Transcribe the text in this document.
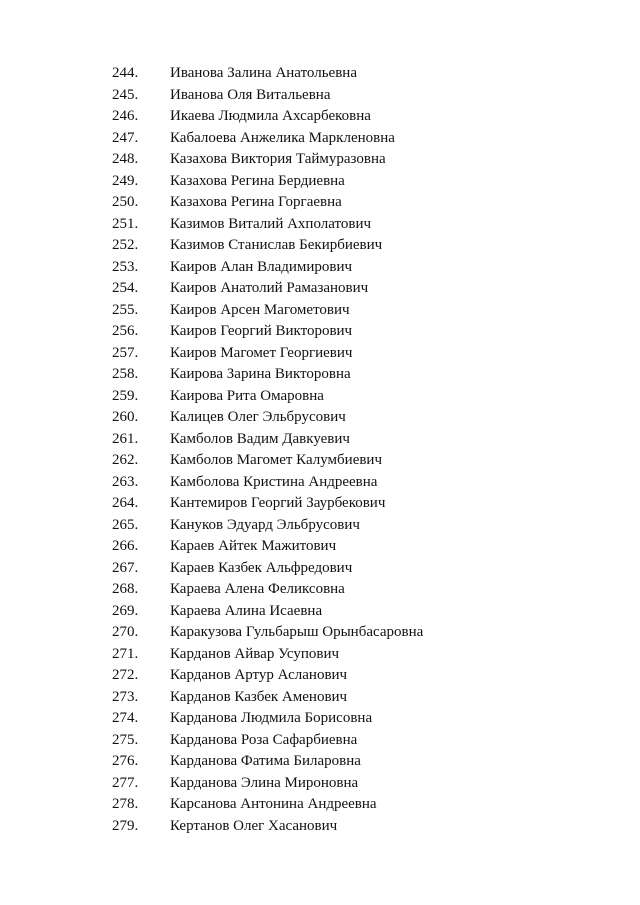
244. Иванова Залина Анатольевна
245. Иванова Оля Витальевна
246. Икаева Людмила Ахсарбековна
247. Кабалоева Анжелика Маркленовна
248. Казахова Виктория Таймуразовна
249. Казахова Регина Бердиевна
250. Казахова Регина Горгаевна
251. Казимов Виталий Ахполатович
252. Казимов Станислав Бекирбиевич
253. Каиров Алан Владимирович
254. Каиров Анатолий Рамазанович
255. Каиров Арсен Магометович
256. Каиров Георгий Викторович
257. Каиров Магомет Георгиевич
258. Каирова Зарина Викторовна
259. Каирова Рита Омаровна
260. Калицев Олег Эльбрусович
261. Камболов Вадим Давкуевич
262. Камболов Магомет Калумбиевич
263. Камболова Кристина Андреевна
264. Кантемиров Георгий Заурбекович
265. Кануков Эдуард Эльбрусович
266. Караев Айтек Мажитович
267. Караев Казбек Альфредович
268. Караева Алена Феликсовна
269. Караева Алина Исаевна
270. Каракузова Гульбарыш Орынбасаровна
271. Карданов Айвар Усупович
272. Карданов Артур Асланович
273. Карданов Казбек Аменович
274. Карданова Людмила Борисовна
275. Карданова Роза Сафарбиевна
276. Карданова Фатима Биларовна
277. Карданова Элина Мироновна
278. Карсанова Антонина Андреевна
279. Кертанов Олег Хасанович
